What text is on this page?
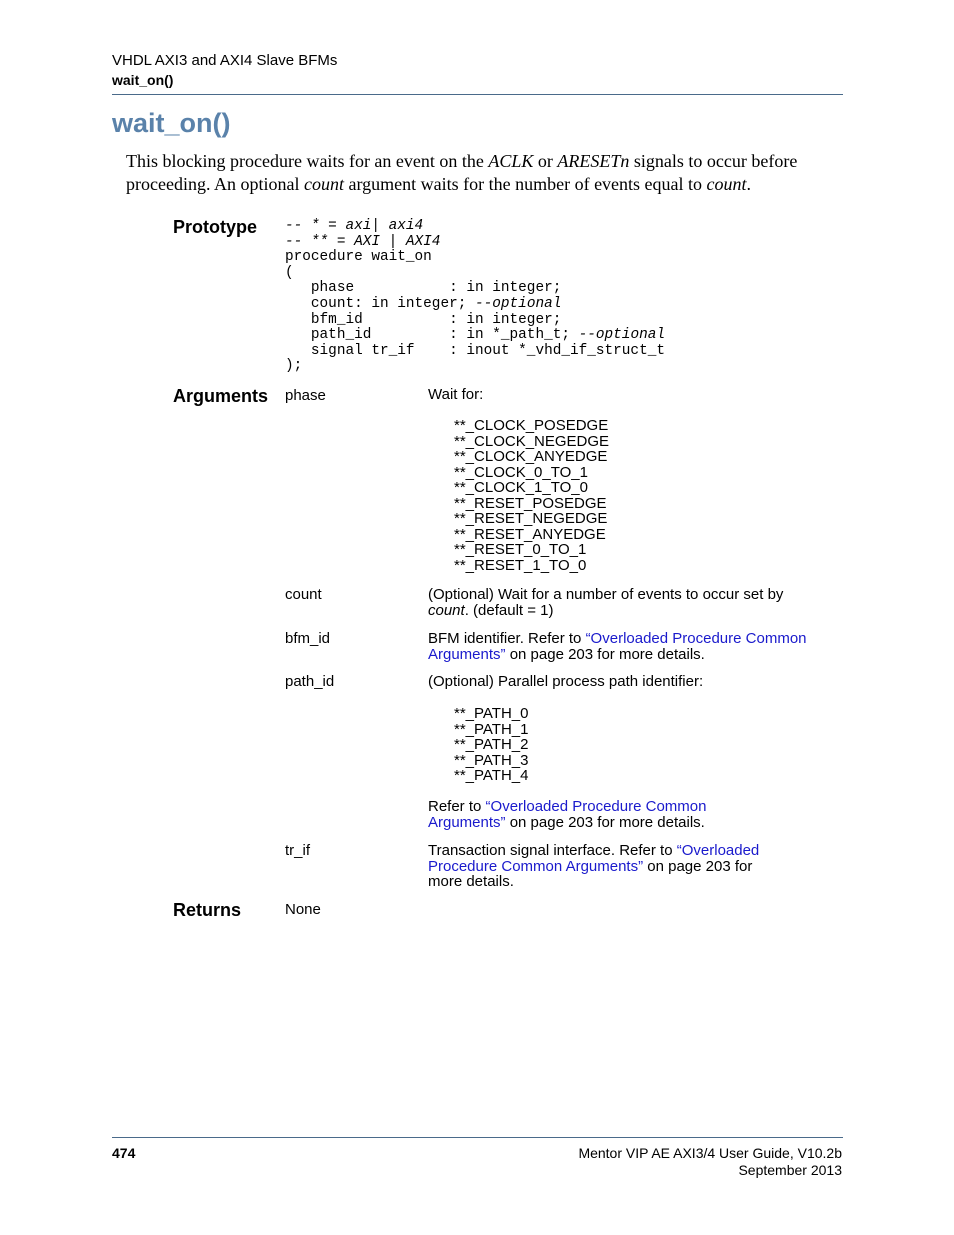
VHDL AXI3 and AXI4 Slave BFMs
wait_on()
wait_on()
This blocking procedure waits for an event on the ACLK or ARESETn signals to occur before proceeding. An optional count argument waits for the number of events equal to count.
Prototype -- * = axi| axi4
-- ** = AXI | AXI4
procedure wait_on
(
phase           : in integer;
count: in integer; --optional
bfm_id          : in integer;
path_id         : in *_path_t; --optional
signal tr_if    : inout *_vhd_if_struct_t
);
Arguments phase	Wait for:
**_CLOCK_POSEDGE
**_CLOCK_NEGEDGE
**_CLOCK_ANYEDGE
**_CLOCK_0_TO_1
**_CLOCK_1_TO_0
**_RESET_POSEDGE
**_RESET_NEGEDGE
**_RESET_ANYEDGE
**_RESET_0_TO_1
**_RESET_1_TO_0
count	(Optional) Wait for a number of events to occur set by count. (default = 1)
bfm_id	BFM identifier. Refer to “Overloaded Procedure Common Arguments” on page 203 for more details.
path_id	(Optional) Parallel process path identifier:
**_PATH_0
**_PATH_1
**_PATH_2
**_PATH_3
**_PATH_4
Refer to “Overloaded Procedure Common Arguments” on page 203 for more details.
tr_if	Transaction signal interface. Refer to “Overloaded Procedure Common Arguments” on page 203 for more details.
Returns	None
474	Mentor VIP AE AXI3/4 User Guide, V10.2b
September 2013
